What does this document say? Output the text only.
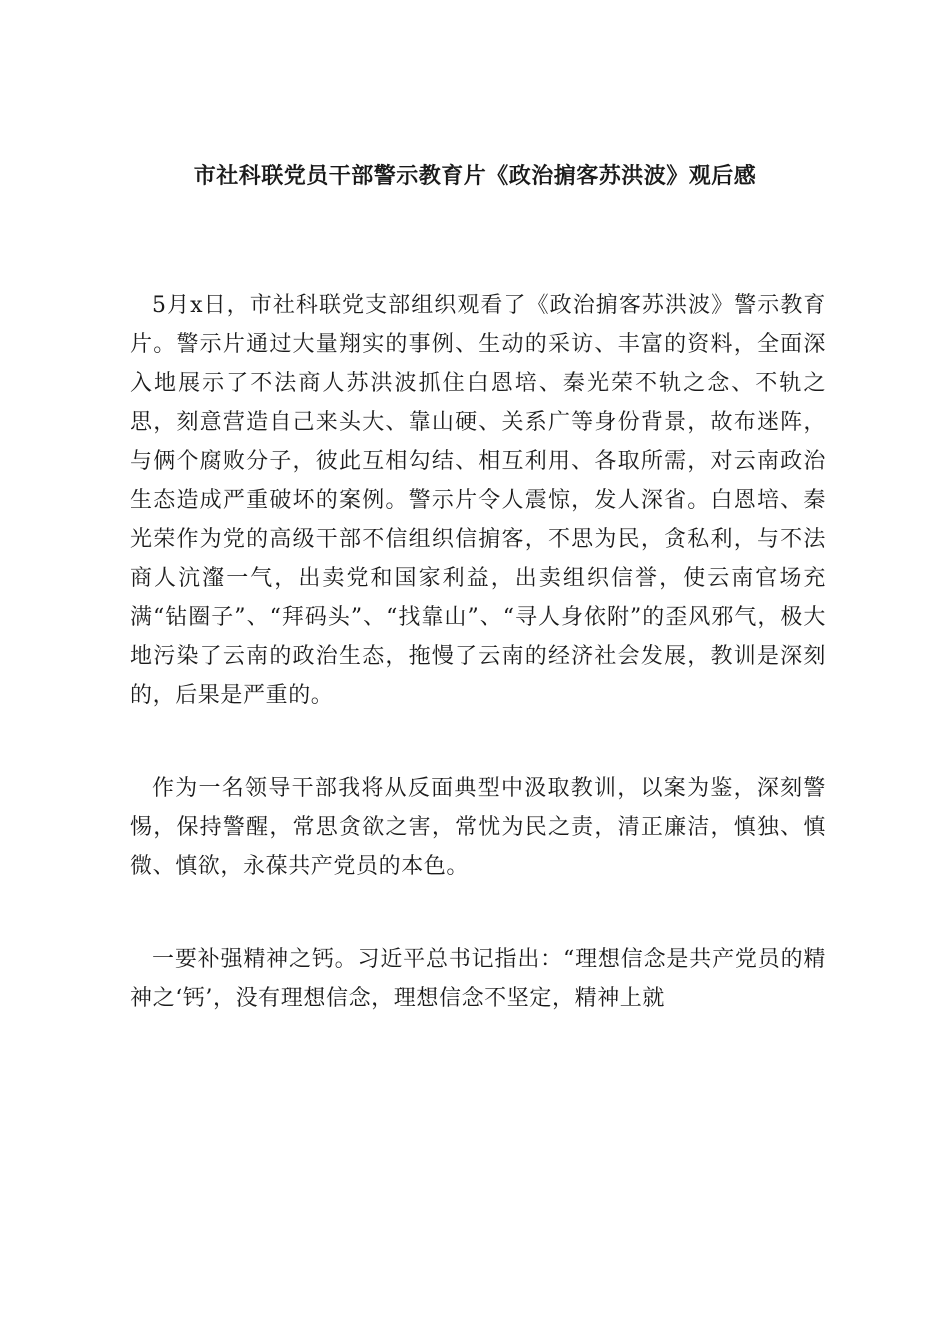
市社科联党员干部警示教育片《政治掮客苏洪波》观后感

5月x日，市社科联党支部组织观看了《政治掮客苏洪波》警示教育片。警示片通过大量翔实的事例、生动的采访、丰富的资料，全面深入地展示了不法商人苏洪波抓住白恩培、秦光荣不轨之念、不轨之思，刻意营造自己来头大、靠山硬、关系广等身份背景，故布迷阵，与俩个腐败分子，彼此互相勾结、相互利用、各取所需，对云南政治生态造成严重破坏的案例。警示片令人震惊，发人深省。白恩培、秦光荣作为党的高级干部不信组织信掮客，不思为民，贪私利，与不法商人沆瀣一气，出卖党和国家利益，出卖组织信誉，使云南官场充满“钻圈子”、“拜码头”、“找靠山”、“寻人身依附”的歪风邪气，极大地污染了云南的政治生态，拖慢了云南的经济社会发展，教训是深刻的，后果是严重的。

作为一名领导干部我将从反面典型中汲取教训，以案为鉴，深刻警惕，保持警醒，常思贪欲之害，常忧为民之责，清正廉洁，慎独、慎微、慎欲，永葆共产党员的本色。

一要补强精神之钙。习近平总书记指出：“理想信念是共产党员的精神之‘钙’，没有理想信念，理想信念不坚定，精神上就
